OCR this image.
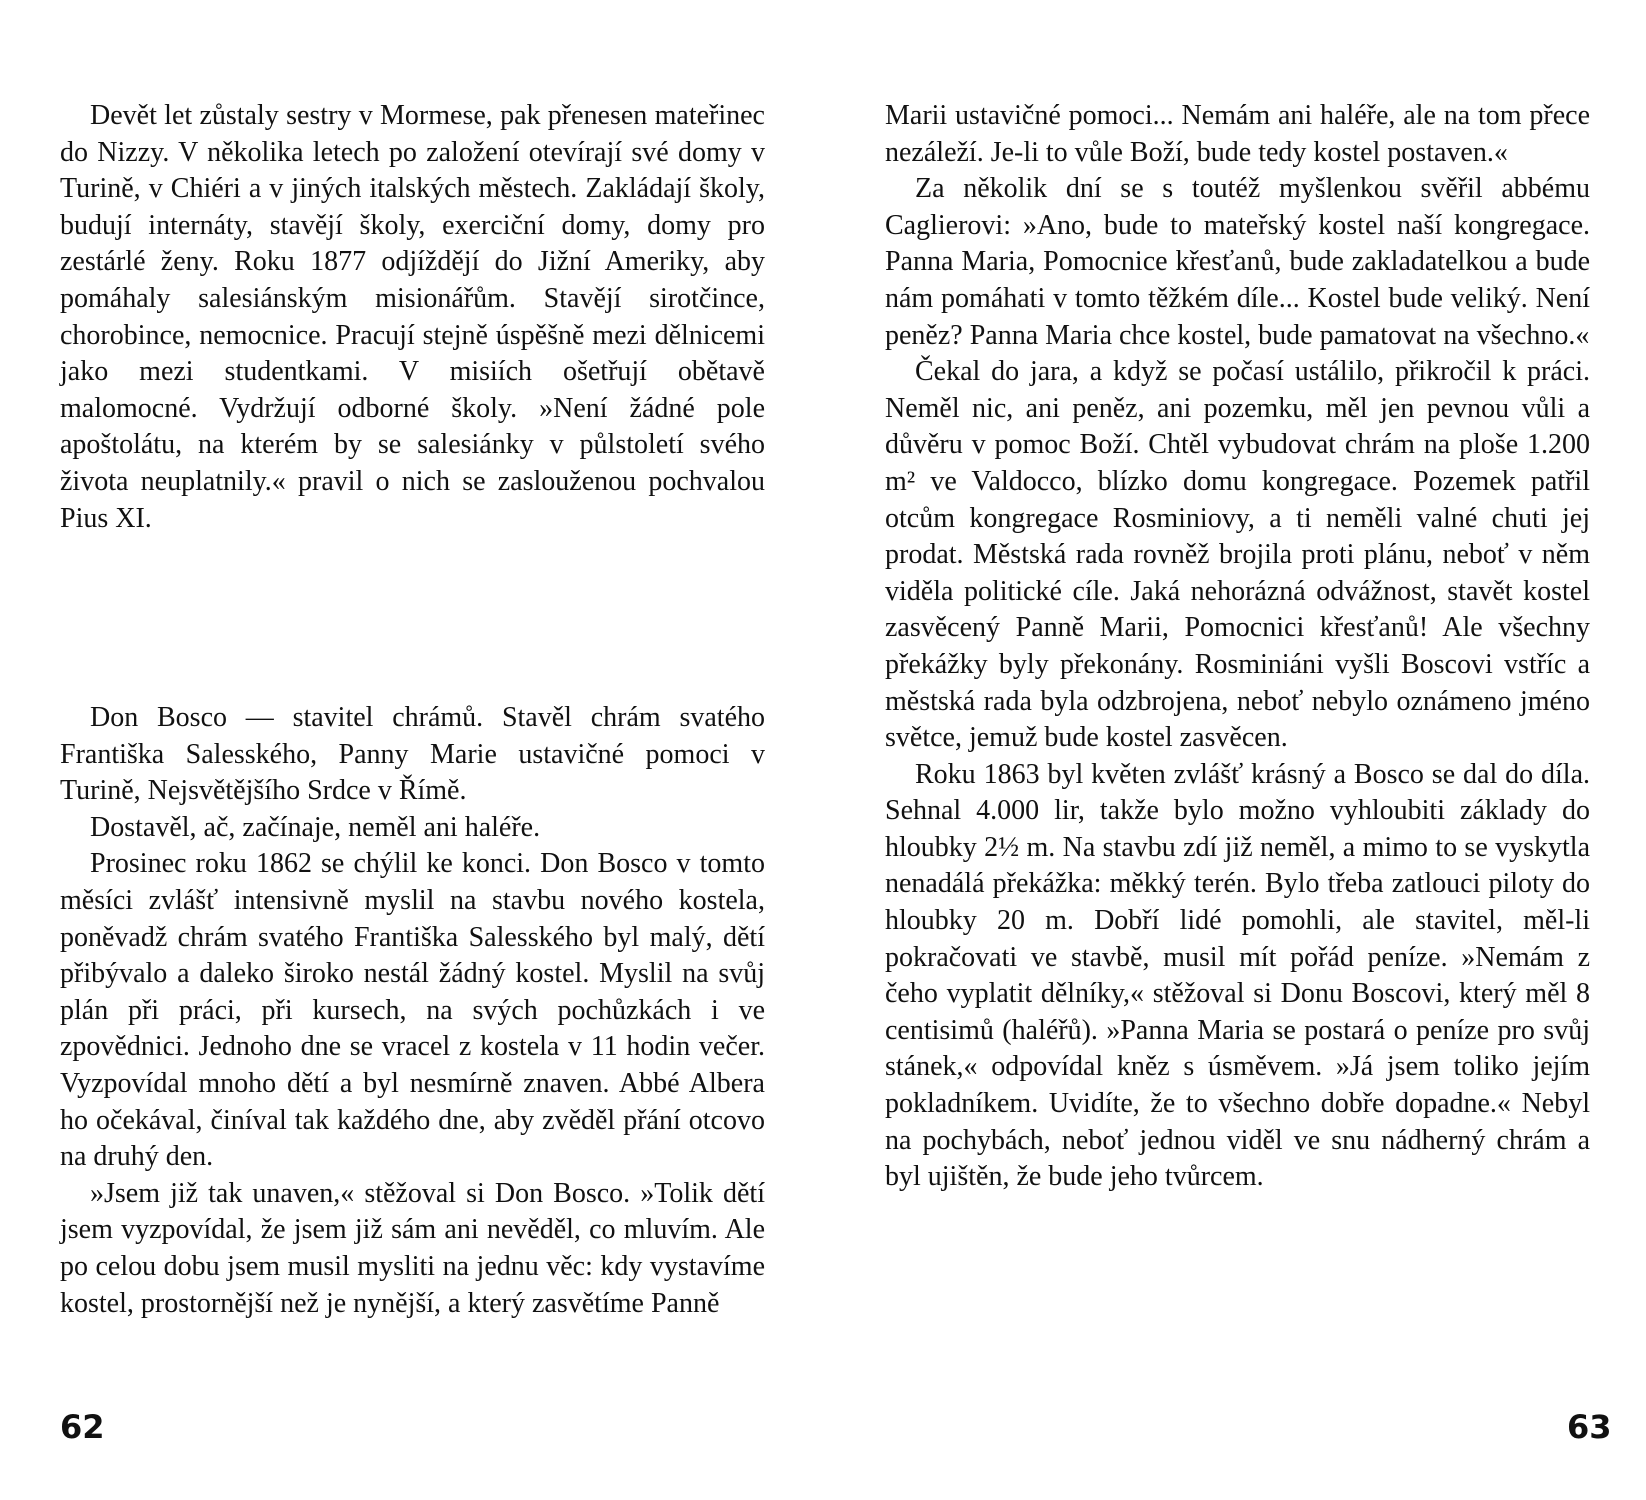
Devět let zůstaly sestry v Mormese, pak přenesen mateřinec do Nizzy. V několika letech po založení otevírají své domy v Turině, v Chiéri a v jiných italských městech. Zakládají školy, budují internáty, stavějí školy, exerciční domy, domy pro zestárlé ženy. Roku 1877 odjíždějí do Jižní Ameriky, aby pomáhaly salesiánským misionářům. Stavějí sirotčince, chorobince, nemocnice. Pracují stejně úspěšně mezi dělnicemi jako mezi studentkami. V misiích ošetřují obětavě malomocné. Vydržují odborné školy. »Není žádné pole apoštolátu, na kterém by se salesiánky v půlstoletí svého života neuplatnily.« pravil o nich se zaslouženou pochvalou Pius XI.

Don Bosco — stavitel chrámů. Stavěl chrám svatého Františka Salesského, Panny Marie ustavičné pomoci v Turině, Nejsvětějšího Srdce v Římě.

Dostavěl, ač, začínaje, neměl ani haléře.

Prosinec roku 1862 se chýlil ke konci. Don Bosco v tomto měsíci zvlášť intensivně myslil na stavbu nového kostela, poněvadž chrám svatého Františka Salesského byl malý, dětí přibývalo a daleko široko nestál žádný kostel. Myslil na svůj plán při práci, při kursech, na svých pochůzkách i ve zpovědnici. Jednoho dne se vracel z kostela v 11 hodin večer. Vyzpovídal mnoho dětí a byl nesmírně znaven. Abbé Albera ho očekával, činíval tak každého dne, aby zvěděl přání otcovo na druhý den.

»Jsem již tak unaven,« stěžoval si Don Bosco. »Tolik dětí jsem vyzpovídal, že jsem již sám ani nevěděl, co mluvím. Ale po celou dobu jsem musil mysliti na jednu věc: kdy vystavíme kostel, prostornější než je nynější, a který zasvětíme Panně

62

Marii ustavičné pomoci... Nemám ani haléře, ale na tom přece nezáleží. Je-li to vůle Boží, bude tedy kostel postaven.«

Za několik dní se s toutéž myšlenkou svěřil abbému Caglierovi: »Ano, bude to mateřský kostel naší kongregace. Panna Maria, Pomocnice křesťanů, bude zakladatelkou a bude nám pomáhati v tomto těžkém díle... Kostel bude veliký. Není peněz? Panna Maria chce kostel, bude pamatovat na všechno.«

Čekal do jara, a když se počasí ustálilo, přikročil k práci. Neměl nic, ani peněz, ani pozemku, měl jen pevnou vůli a důvěru v pomoc Boží. Chtěl vybudovat chrám na ploše 1.200 m² ve Valdocco, blízko domu kongregace. Pozemek patřil otcům kongregace Rosminiovy, a ti neměli valné chuti jej prodat. Městská rada rovněž brojila proti plánu, neboť v něm viděla politické cíle. Jaká nehorázná odvážnost, stavět kostel zasvěcený Panně Marii, Pomocnici křesťanů! Ale všechny překážky byly překonány. Rosminiáni vyšli Boscovi vstříc a městská rada byla odzbrojena, neboť nebylo oznámeno jméno světce, jemuž bude kostel zasvěcen.

Roku 1863 byl květen zvlášť krásný a Bosco se dal do díla. Sehnal 4.000 lir, takže bylo možno vyhloubiti základy do hloubky 2½ m. Na stavbu zdí již neměl, a mimo to se vyskytla nenadálá překážka: měkký terén. Bylo třeba zatlouci piloty do hloubky 20 m. Dobří lidé pomohli, ale stavitel, měl-li pokračovati ve stavbě, musil mít pořád peníze. »Nemám z čeho vyplatit dělníky,« stěžoval si Donu Boscovi, který měl 8 centisimů (haléřů). »Panna Maria se postará o peníze pro svůj stánek,« odpovídal kněz s úsměvem. »Já jsem toliko jejím pokladníkem. Uvidíte, že to všechno dobře dopadne.« Nebyl na pochybách, neboť jednou viděl ve snu nádherný chrám a byl ujištěn, že bude jeho tvůrcem.

63
